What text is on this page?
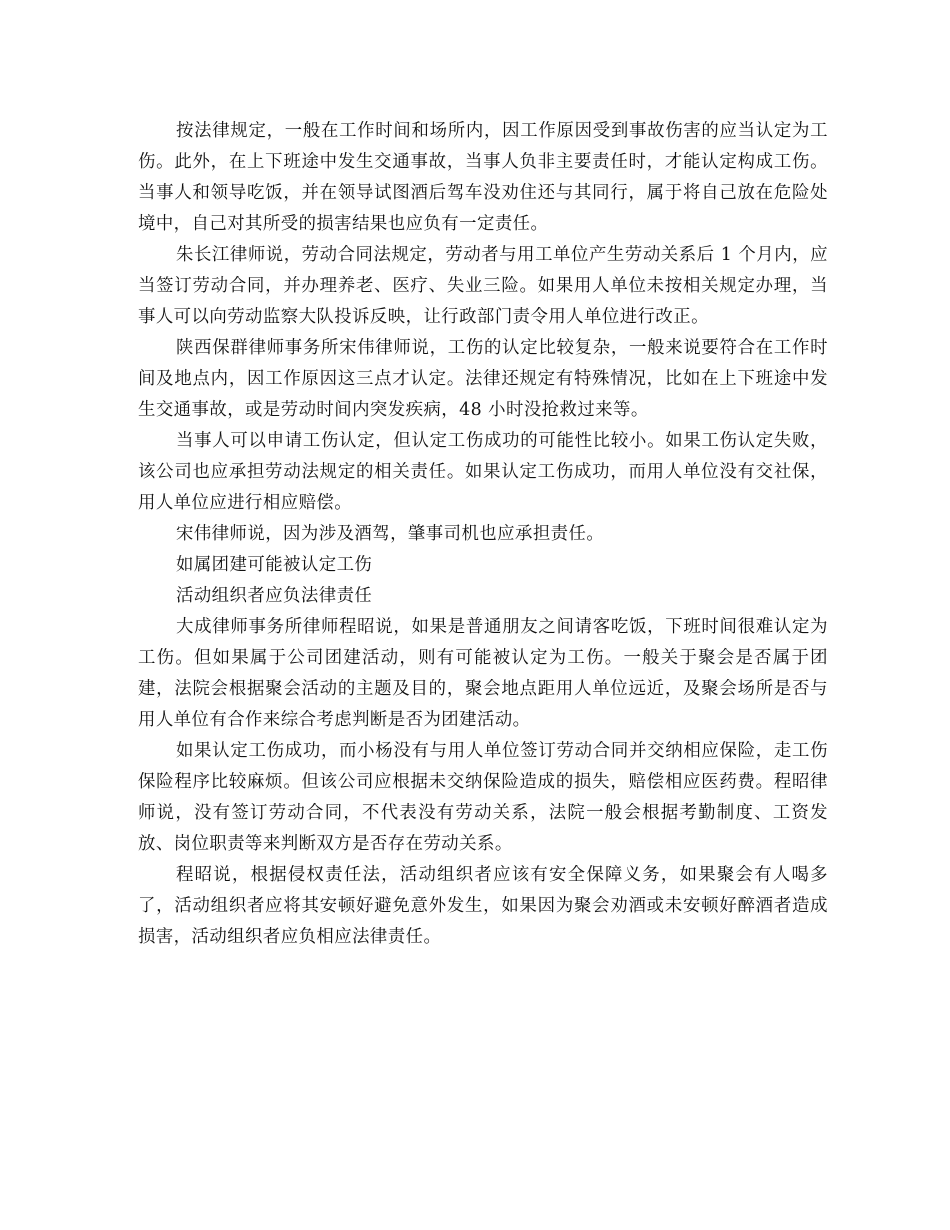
按法律规定，一般在工作时间和场所内，因工作原因受到事故伤害的应当认定为工伤。此外，在上下班途中发生交通事故，当事人负非主要责任时，才能认定构成工伤。当事人和领导吃饭，并在领导试图酒后驾车没劝住还与其同行，属于将自己放在危险处境中，自己对其所受的损害结果也应负有一定责任。

朱长江律师说，劳动合同法规定，劳动者与用工单位产生劳动关系后 1 个月内，应当签订劳动合同，并办理养老、医疗、失业三险。如果用人单位未按相关规定办理，当事人可以向劳动监察大队投诉反映，让行政部门责令用人单位进行改正。

陕西保群律师事务所宋伟律师说，工伤的认定比较复杂，一般来说要符合在工作时间及地点内，因工作原因这三点才认定。法律还规定有特殊情况，比如在上下班途中发生交通事故，或是劳动时间内突发疾病，48 小时没抢救过来等。

当事人可以申请工伤认定，但认定工伤成功的可能性比较小。如果工伤认定失败，该公司也应承担劳动法规定的相关责任。如果认定工伤成功，而用人单位没有交社保，用人单位应进行相应赔偿。

宋伟律师说，因为涉及酒驾，肇事司机也应承担责任。

如属团建可能被认定工伤

活动组织者应负法律责任

大成律师事务所律师程昭说，如果是普通朋友之间请客吃饭，下班时间很难认定为工伤。但如果属于公司团建活动，则有可能被认定为工伤。一般关于聚会是否属于团建，法院会根据聚会活动的主题及目的，聚会地点距用人单位远近，及聚会场所是否与用人单位有合作来综合考虑判断是否为团建活动。

如果认定工伤成功，而小杨没有与用人单位签订劳动合同并交纳相应保险，走工伤保险程序比较麻烦。但该公司应根据未交纳保险造成的损失，赔偿相应医药费。程昭律师说，没有签订劳动合同，不代表没有劳动关系，法院一般会根据考勤制度、工资发放、岗位职责等来判断双方是否存在劳动关系。

程昭说，根据侵权责任法，活动组织者应该有安全保障义务，如果聚会有人喝多了，活动组织者应将其安顿好避免意外发生，如果因为聚会劝酒或未安顿好醉酒者造成损害，活动组织者应负相应法律责任。
